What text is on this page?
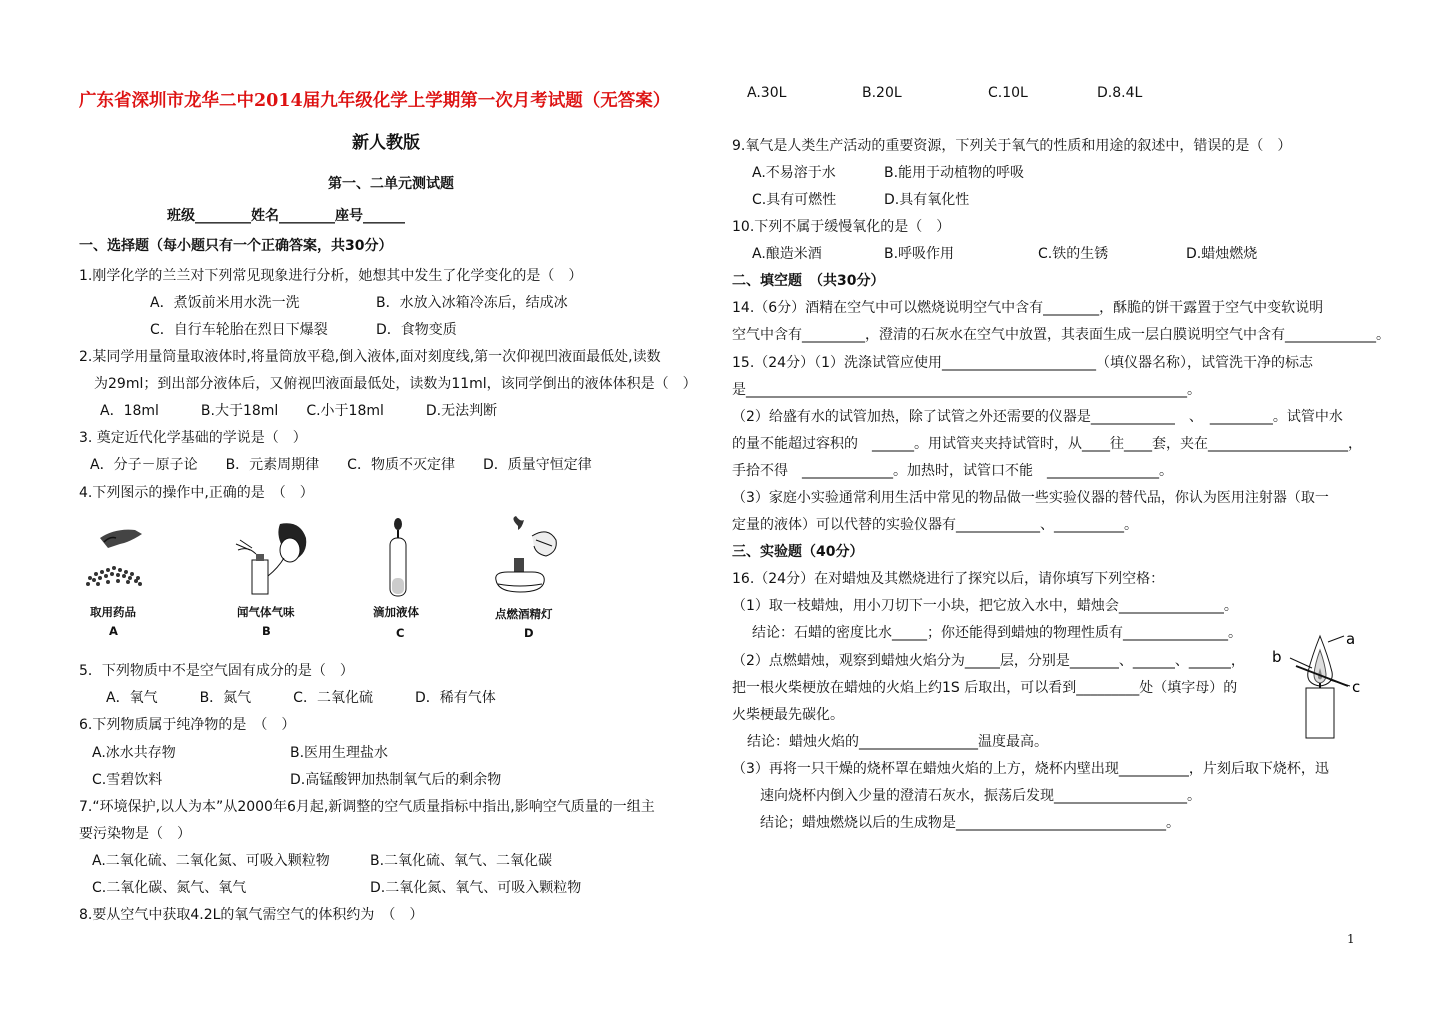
广东省深圳市龙华二中2014届九年级化学上学期第一次月考试题（无答案）
新人教版
第一、二单元测试题
班级________姓名________座号______
一、选择题（每小题只有一个正确答案，共30分）
1.刚学化学的兰兰对下列常见现象进行分析，她想其中发生了化学变化的是（　）
A．煮饭前米用水洗一洗	B．水放入冰箱冷冻后，结成冰
C．自行车轮胎在烈日下爆裂	D．食物变质
2.某同学用量筒量取液体时,将量筒放平稳,倒入液体,面对刻度线,第一次仰视凹液面最低处,读数
为29ml；到出部分液体后，又俯视凹液面最低处，读数为11ml，该同学倒出的液体体积是（　）
A．18ml　　　B.大于18ml　　C.小于18ml　　　D.无法判断
3. 奠定近代化学基础的学说是（　）
A．分子－原子论　　B．元素周期律　　C．物质不灭定律　　D．质量守恒定律
4.下列图示的操作中,正确的是　（　）
取用药品	闻气体气味	滴加液体	点燃酒精灯
A	B	C	D
5．下列物质中不是空气固有成分的是（　）
A．氧气　　　B．氮气　　　C．二氧化硫　　　D．稀有气体
6.下列物质属于纯净物的是　（　）
A.冰水共存物	B.医用生理盐水
C.雪碧饮料	D.高锰酸钾加热制氧气后的剩余物
7.“环境保护,以人为本”从2000年6月起,新调整的空气质量指标中指出,影响空气质量的一组主
要污染物是（　）
A.二氧化硫、二氧化氮、可吸入颗粒物	B.二氧化硫、氧气、二氧化碳
C.二氧化碳、氮气、氧气	D.二氧化氮、氧气、可吸入颗粒物
8.要从空气中获取4.2L的氧气需空气的体积约为　（　）
A.30L	B.20L	C.10L	D.8.4L
9.氧气是人类生产活动的重要资源，下列关于氧气的性质和用途的叙述中，错误的是（　）
A.不易溶于水	B.能用于动植物的呼吸
C.具有可燃性	D.具有氧化性
10.下列不属于缓慢氧化的是（　）
A.酿造米酒	B.呼吸作用	C.铁的生锈	D.蜡烛燃烧
二、填空题　（共30分）
14.（6分）酒精在空气中可以燃烧说明空气中含有________，酥脆的饼干露置于空气中变软说明
空气中含有_________，澄清的石灰水在空气中放置，其表面生成一层白膜说明空气中含有_____________。
15.（24分）（1）洗涤试管应使用______________________（填仪器名称），试管洗干净的标志
是_______________________________________________________________。
（2）给盛有水的试管加热，除了试管之外还需要的仪器是____________　、　_________。试管中水
的量不能超过容积的　______。用试管夹夹持试管时，从____往____套，夹在____________________，
手拾不得　_____________。加热时，试管口不能　________________。
（3）家庭小实验通常利用生活中常见的物品做一些实验仪器的替代品，你认为医用注射器（取一
定量的液体）可以代替的实验仪器有____________、__________。
三、实验题（40分）
16.（24分）在对蜡烛及其燃烧进行了探究以后，请你填写下列空格：
（1）取一枝蜡烛，用小刀切下一小块，把它放入水中，蜡烛会_______________。
结论：石蜡的密度比水_____；你还能得到蜡烛的物理性质有_______________。
（2）点燃蜡烛，观察到蜡烛火焰分为_____层，分别是_______、______、______，
把一根火柴梗放在蜡烛的火焰上约1S 后取出，可以看到_________处（填字母）的
火柴梗最先碳化。
结论：蜡烛火焰的_________________温度最高。
（3）再将一只干燥的烧杯罩在蜡烛火焰的上方，烧杯内壁出现__________，片刻后取下烧杯，迅
速向烧杯内倒入少量的澄清石灰水，振荡后发现___________________。
结论；蜡烛燃烧以后的生成物是______________________________。
a
b
c
1
